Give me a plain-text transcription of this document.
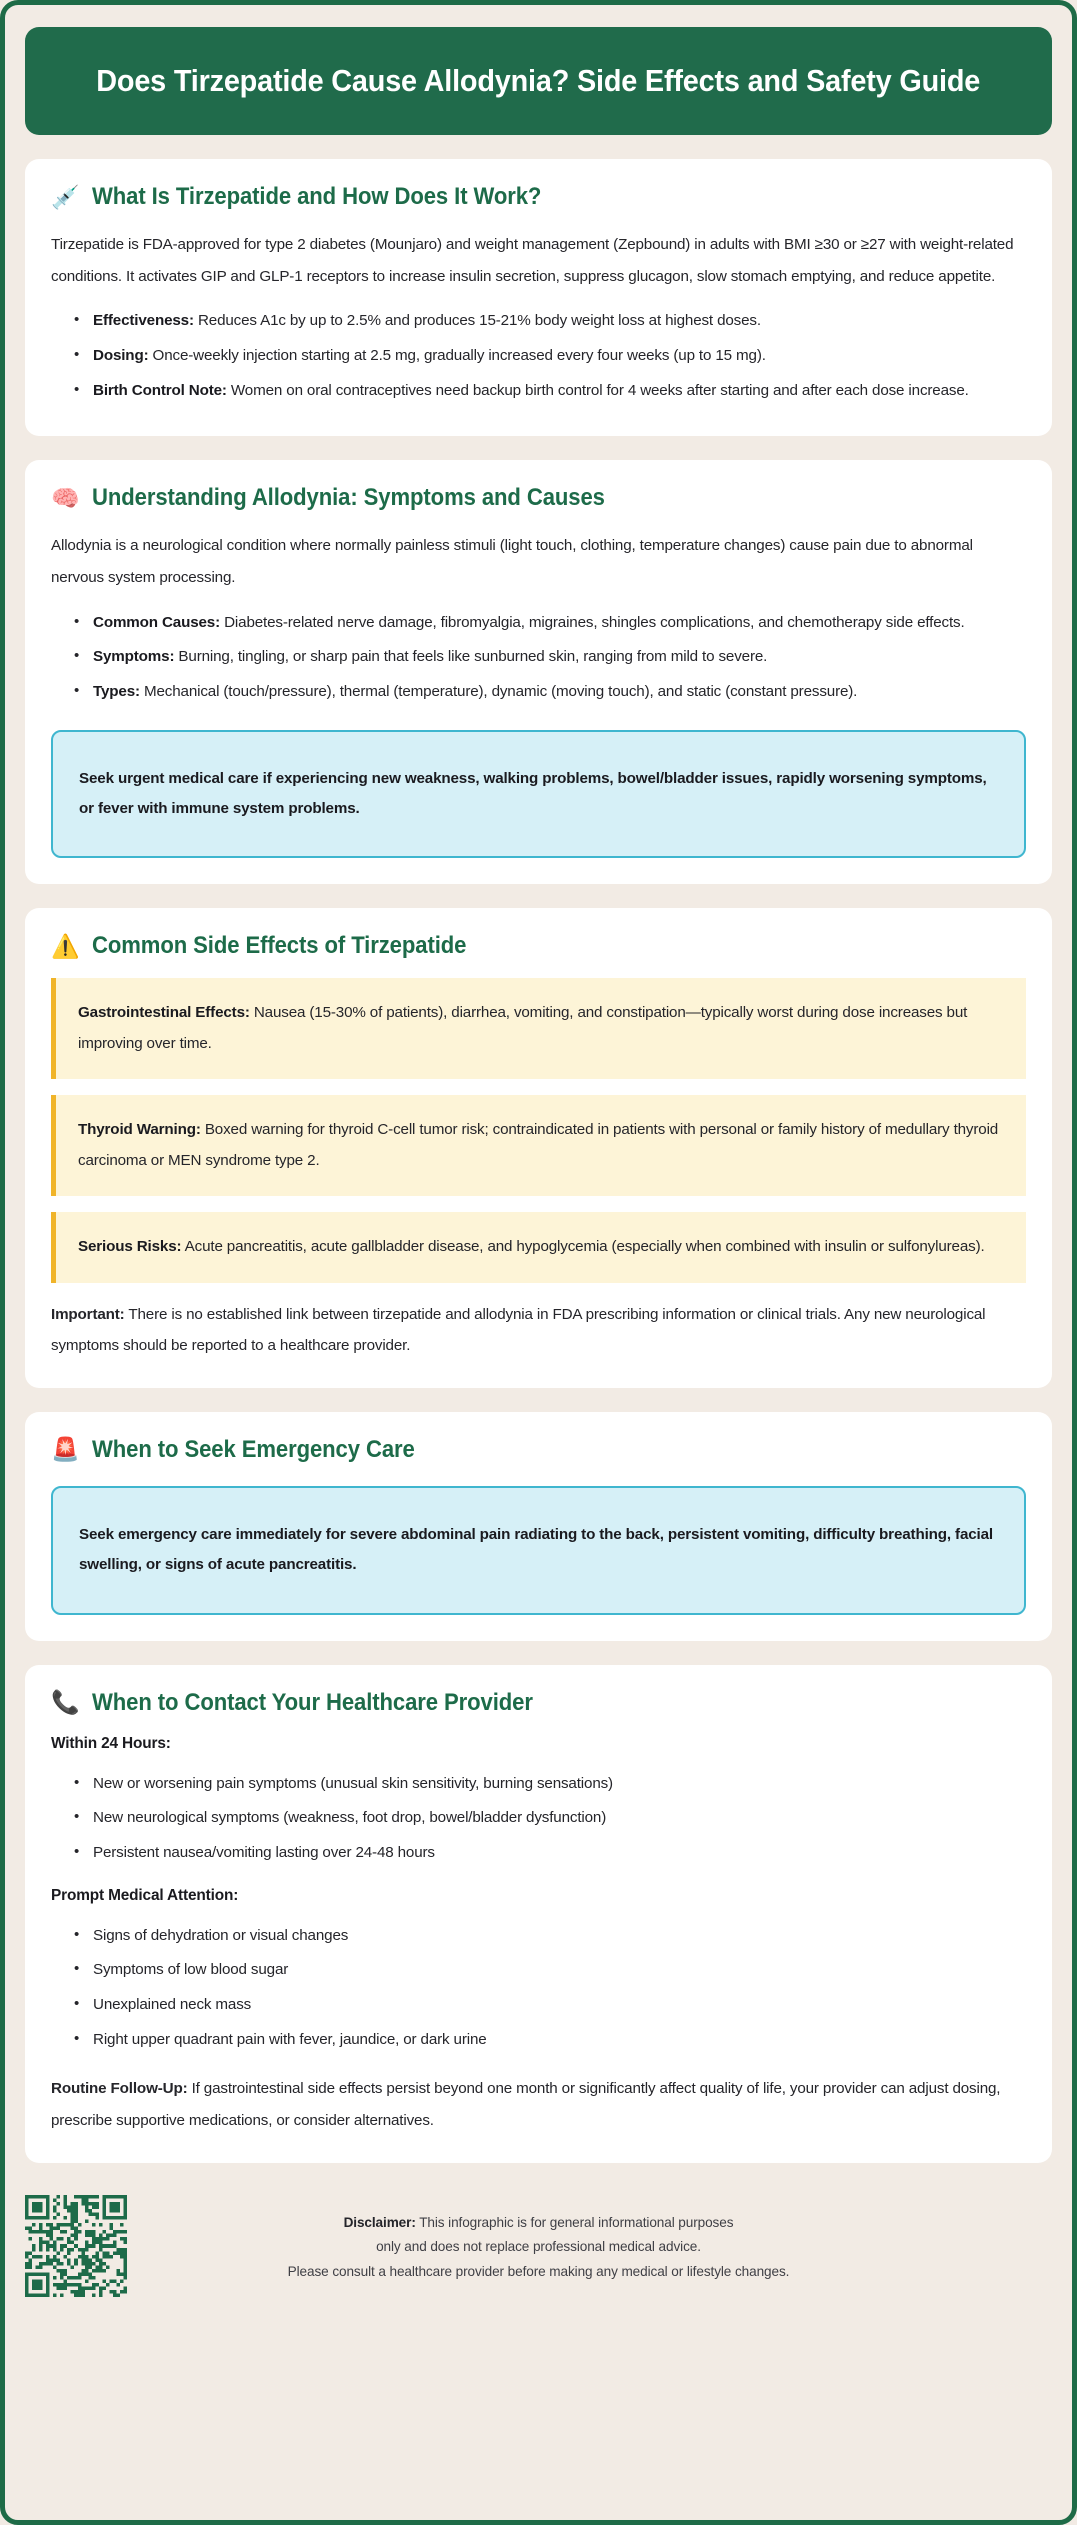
Does Tirzepatide Cause Allodynia? Side Effects and Safety Guide
💉 What Is Tirzepatide and How Does It Work?

Tirzepatide is FDA-approved for type 2 diabetes (Mounjaro) and weight management (Zepbound) in adults with BMI ≥30 or ≥27 with weight-related conditions. It activates GIP and GLP-1 receptors to increase insulin secretion, suppress glucagon, slow stomach emptying, and reduce appetite.

• Effectiveness: Reduces A1c by up to 2.5% and produces 15-21% body weight loss at highest doses.
• Dosing: Once-weekly injection starting at 2.5 mg, gradually increased every four weeks (up to 15 mg).
• Birth Control Note: Women on oral contraceptives need backup birth control for 4 weeks after starting and after each dose increase.
🧠 Understanding Allodynia: Symptoms and Causes

Allodynia is a neurological condition where normally painless stimuli (light touch, clothing, temperature changes) cause pain due to abnormal nervous system processing.

• Common Causes: Diabetes-related nerve damage, fibromyalgia, migraines, shingles complications, and chemotherapy side effects.
• Symptoms: Burning, tingling, or sharp pain that feels like sunburned skin, ranging from mild to severe.
• Types: Mechanical (touch/pressure), thermal (temperature), dynamic (moving touch), and static (constant pressure).
Seek urgent medical care if experiencing new weakness, walking problems, bowel/bladder issues, rapidly worsening symptoms, or fever with immune system problems.
⚠️ Common Side Effects of Tirzepatide
Gastrointestinal Effects: Nausea (15-30% of patients), diarrhea, vomiting, and constipation—typically worst during dose increases but improving over time.
Thyroid Warning: Boxed warning for thyroid C-cell tumor risk; contraindicated in patients with personal or family history of medullary thyroid carcinoma or MEN syndrome type 2.
Serious Risks: Acute pancreatitis, acute gallbladder disease, and hypoglycemia (especially when combined with insulin or sulfonylureas).

Important: There is no established link between tirzepatide and allodynia in FDA prescribing information or clinical trials. Any new neurological symptoms should be reported to a healthcare provider.

🚨 When to Seek Emergency Care
Seek emergency care immediately for severe abdominal pain radiating to the back, persistent vomiting, difficulty breathing, facial swelling, or signs of acute pancreatitis.
📞 When to Contact Your Healthcare Provider
Within 24 Hours:
• New or worsening pain symptoms (unusual skin sensitivity, burning sensations)
• New neurological symptoms (weakness, foot drop, bowel/bladder dysfunction)
• Persistent nausea/vomiting lasting over 24-48 hours
Prompt Medical Attention:
• Signs of dehydration or visual changes
• Symptoms of low blood sugar
• Unexplained neck mass
• Right upper quadrant pain with fever, jaundice, or dark urine

Routine Follow-Up: If gastrointestinal side effects persist beyond one month or significantly affect quality of life, your provider can adjust dosing, prescribe supportive medications, or consider alternatives.

Disclaimer: This infographic is for general informational purposes
only and does not replace professional medical advice.
Please consult a healthcare provider before making any medical or lifestyle changes.
